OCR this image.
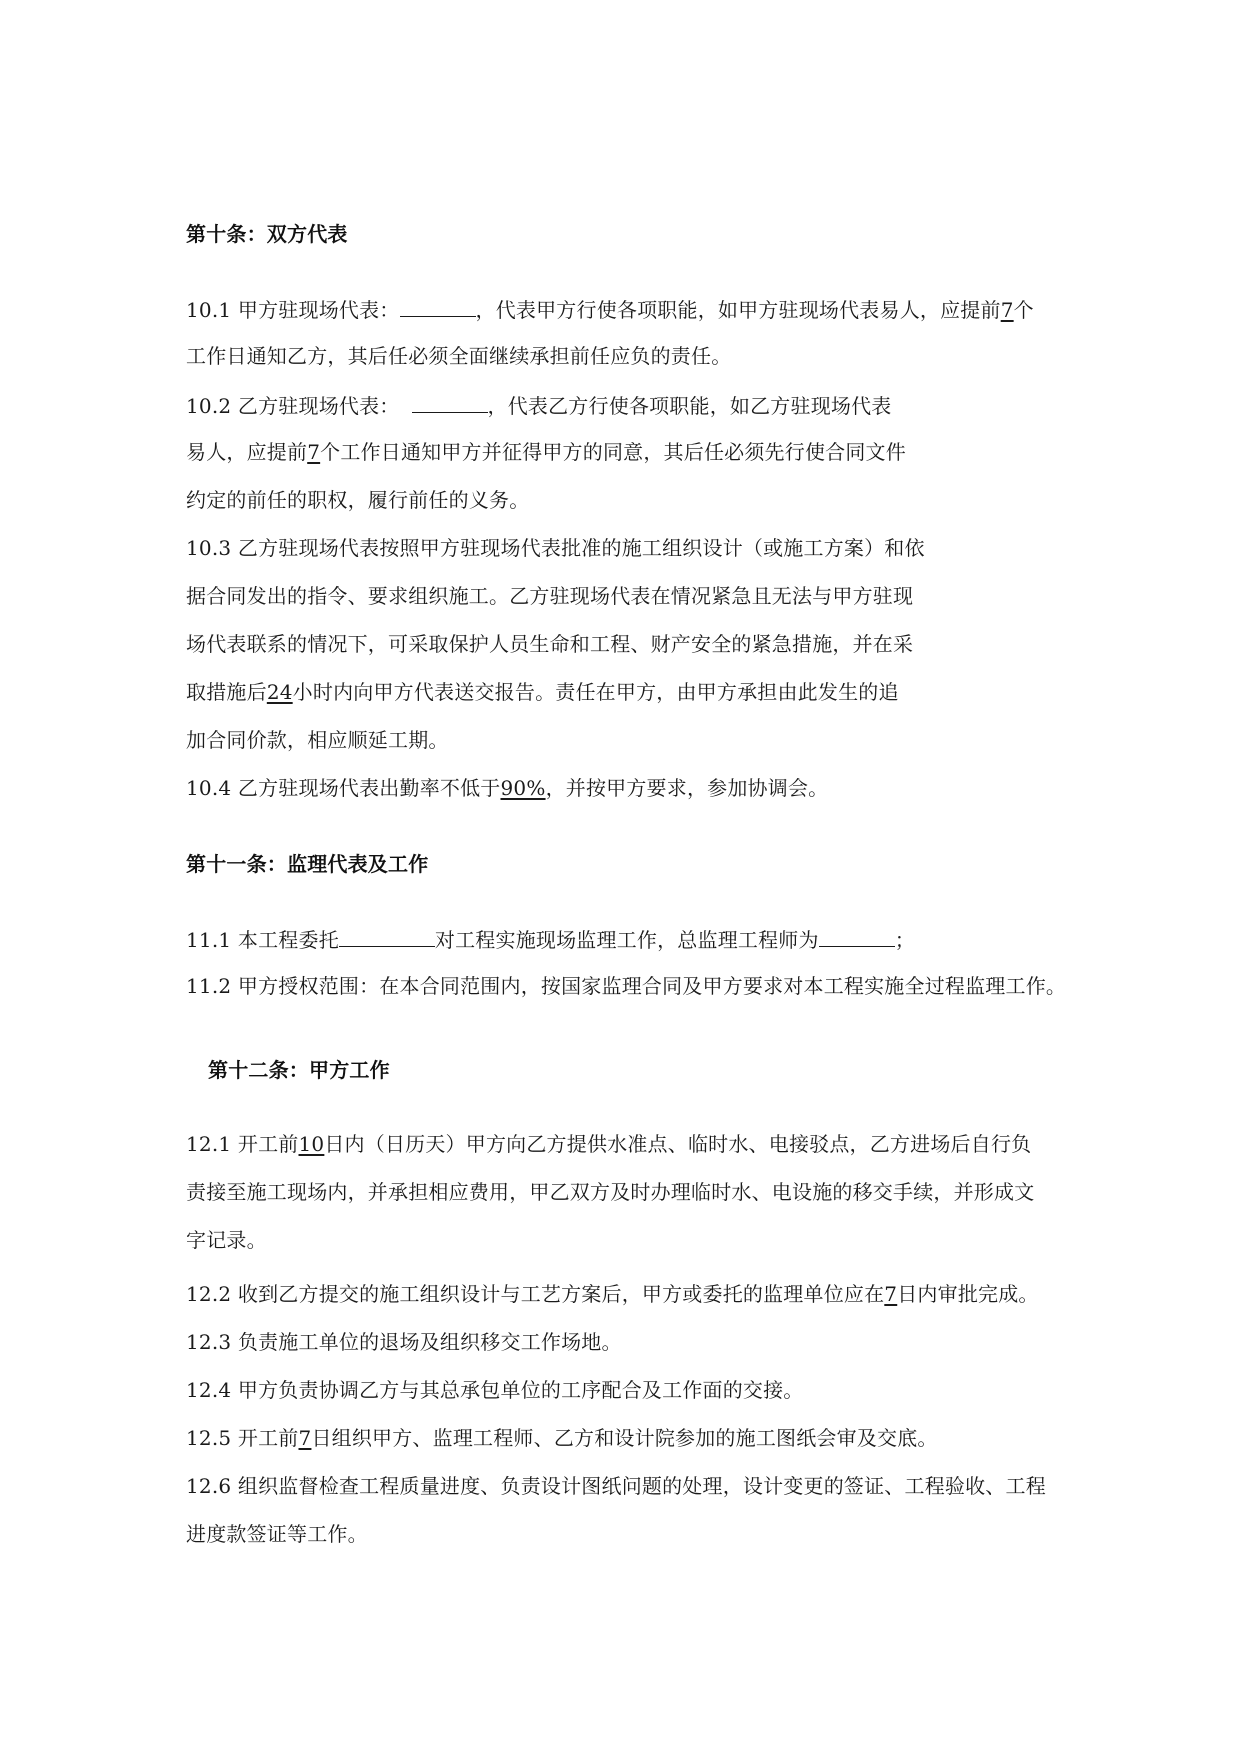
第十条：双方代表
10.1 甲方驻现场代表：	，代表甲方行使各项职能，如甲方驻现场代表易人，应提前7个
工作日通知乙方，其后任必须全面继续承担前任应负的责任。
10.2 乙方驻现场代表：	，代表乙方行使各项职能，如乙方驻现场代表
易人，应提前7个工作日通知甲方并征得甲方的同意，其后任必须先行使合同文件
约定的前任的职权，履行前任的义务。
10.3 乙方驻现场代表按照甲方驻现场代表批准的施工组织设计（或施工方案）和依
据合同发出的指令、要求组织施工。乙方驻现场代表在情况紧急且无法与甲方驻现
场代表联系的情况下，可采取保护人员生命和工程、财产安全的紧急措施，并在采
取措施后24小时内向甲方代表送交报告。责任在甲方，由甲方承担由此发生的追
加合同价款，相应顺延工期。
10.4 乙方驻现场代表出勤率不低于90%，并按甲方要求，参加协调会。
第十一条：监理代表及工作
11.1 本工程委托	对工程实施现场监理工作，总监理工程师为	；
11.2 甲方授权范围：在本合同范围内，按国家监理合同及甲方要求对本工程实施全过程监理工作。
第十二条：甲方工作
12.1 开工前10日内（日历天）甲方向乙方提供水准点、临时水、电接驳点，乙方进场后自行负
责接至施工现场内，并承担相应费用，甲乙双方及时办理临时水、电设施的移交手续，并形成文
字记录。
12.2 收到乙方提交的施工组织设计与工艺方案后，甲方或委托的监理单位应在7日内审批完成。
12.3 负责施工单位的退场及组织移交工作场地。
12.4 甲方负责协调乙方与其总承包单位的工序配合及工作面的交接。
12.5 开工前7日组织甲方、监理工程师、乙方和设计院参加的施工图纸会审及交底。
12.6 组织监督检查工程质量进度、负责设计图纸问题的处理，设计变更的签证、工程验收、工程
进度款签证等工作。
